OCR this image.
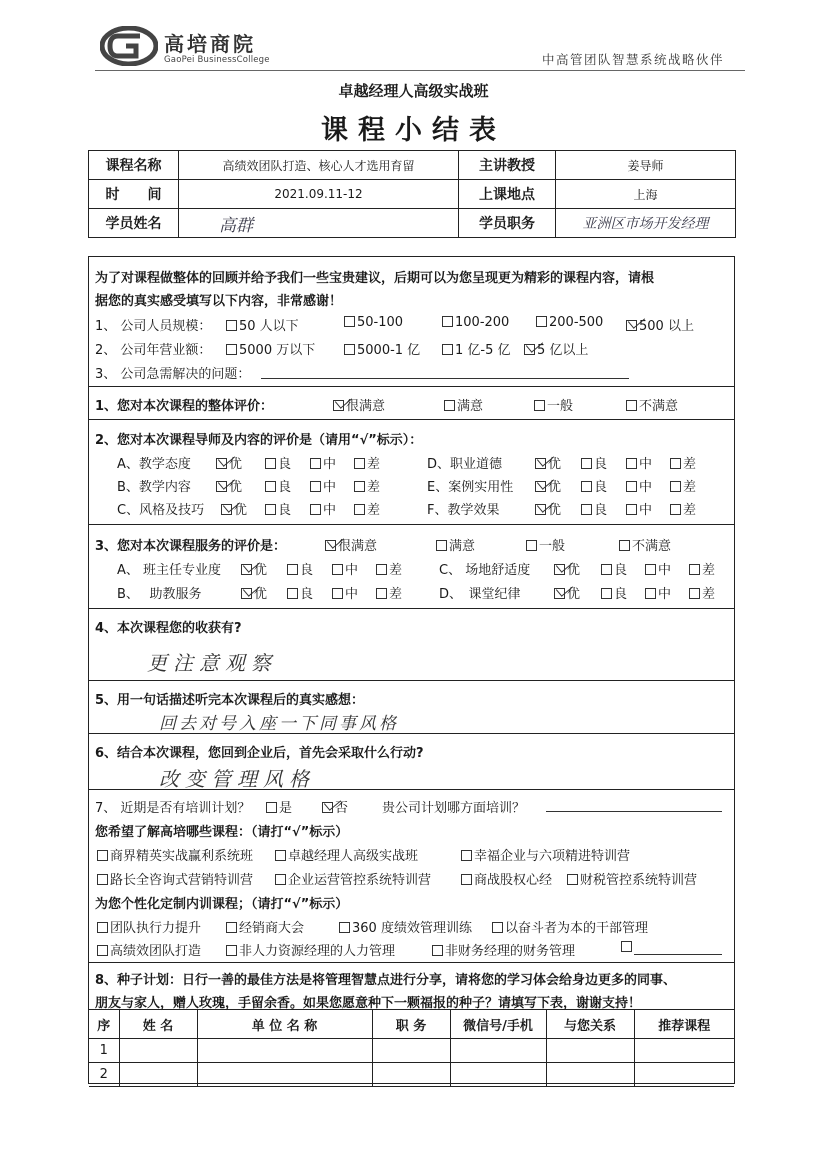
高培商院
GaoPei BusinessCollege	中高管团队智慧系统战略伙伴
卓越经理人高级实战班
课程小结表
课程名称	高绩效团队打造、核心人才选用育留	主讲教授	姜导师
时　　间	2021.09.11-12	上课地点	上海
学员姓名	高群	学员职务	亚洲区市场开发经理
为了对课程做整体的回顾并给予我们一些宝贵建议，后期可以为您呈现更为精彩的课程内容，请根
据您的真实感受填写以下内容，非常感谢！
1、 公司人员规模：	50 人以下	50-100	100-200	200-500	500 以上
2、 公司年营业额：	5000 万以下	5000-1 亿	1 亿-5 亿	5 亿以上
3、 公司急需解决的问题：
1、您对本次课程的整体评价：	很满意	满意	一般	不满意
2、您对本次课程导师及内容的评价是（请用“√”标示）：
A、教学态度	优	良	中	差	D、职业道德	优	良	中	差
B、教学内容	优	良	中	差	E、案例实用性	优	良	中	差
C、风格及技巧	优	良	中	差	F、教学效果	优	良	中	差
3、您对本次课程服务的评价是：	很满意	满意	一般	不满意
A、 班主任专业度	优	良	中	差	C、 场地舒适度	优	良	中	差
B、　 助教服务	优	良	中	差	D、　课堂纪律	优	良	中	差
4、本次课程您的收获有?
更注意观察
5、用一句话描述听完本次课程后的真实感想：
回去对号入座一下同事风格
6、结合本次课程，您回到企业后，首先会采取什么行动?
改变管理风格
7、 近期是否有培训计划？	是	否	贵公司计划哪方面培训？
您希望了解高培哪些课程：（请打“√”标示）
商界精英实战赢利系统班	卓越经理人高级实战班	幸福企业与六项精进特训营
路长全咨询式营销特训营	企业运营管控系统特训营	商战股权心经	财税管控系统特训营
为您个性化定制内训课程；（请打“√”标示）
团队执行力提升	经销商大会	360 度绩效管理训练	以奋斗者为本的干部管理
高绩效团队打造	非人力资源经理的人力管理	非财务经理的财务管理
8、种子计划：日行一善的最佳方法是将管理智慧点进行分享，请将您的学习体会给身边更多的同事、
朋友与家人，赠人玫瑰，手留余香。如果您愿意种下一颗福报的种子？请填写下表，谢谢支持！
序	姓 名	单 位 名 称	职 务	微信号/手机	与您关系	推荐课程
1						
2						
